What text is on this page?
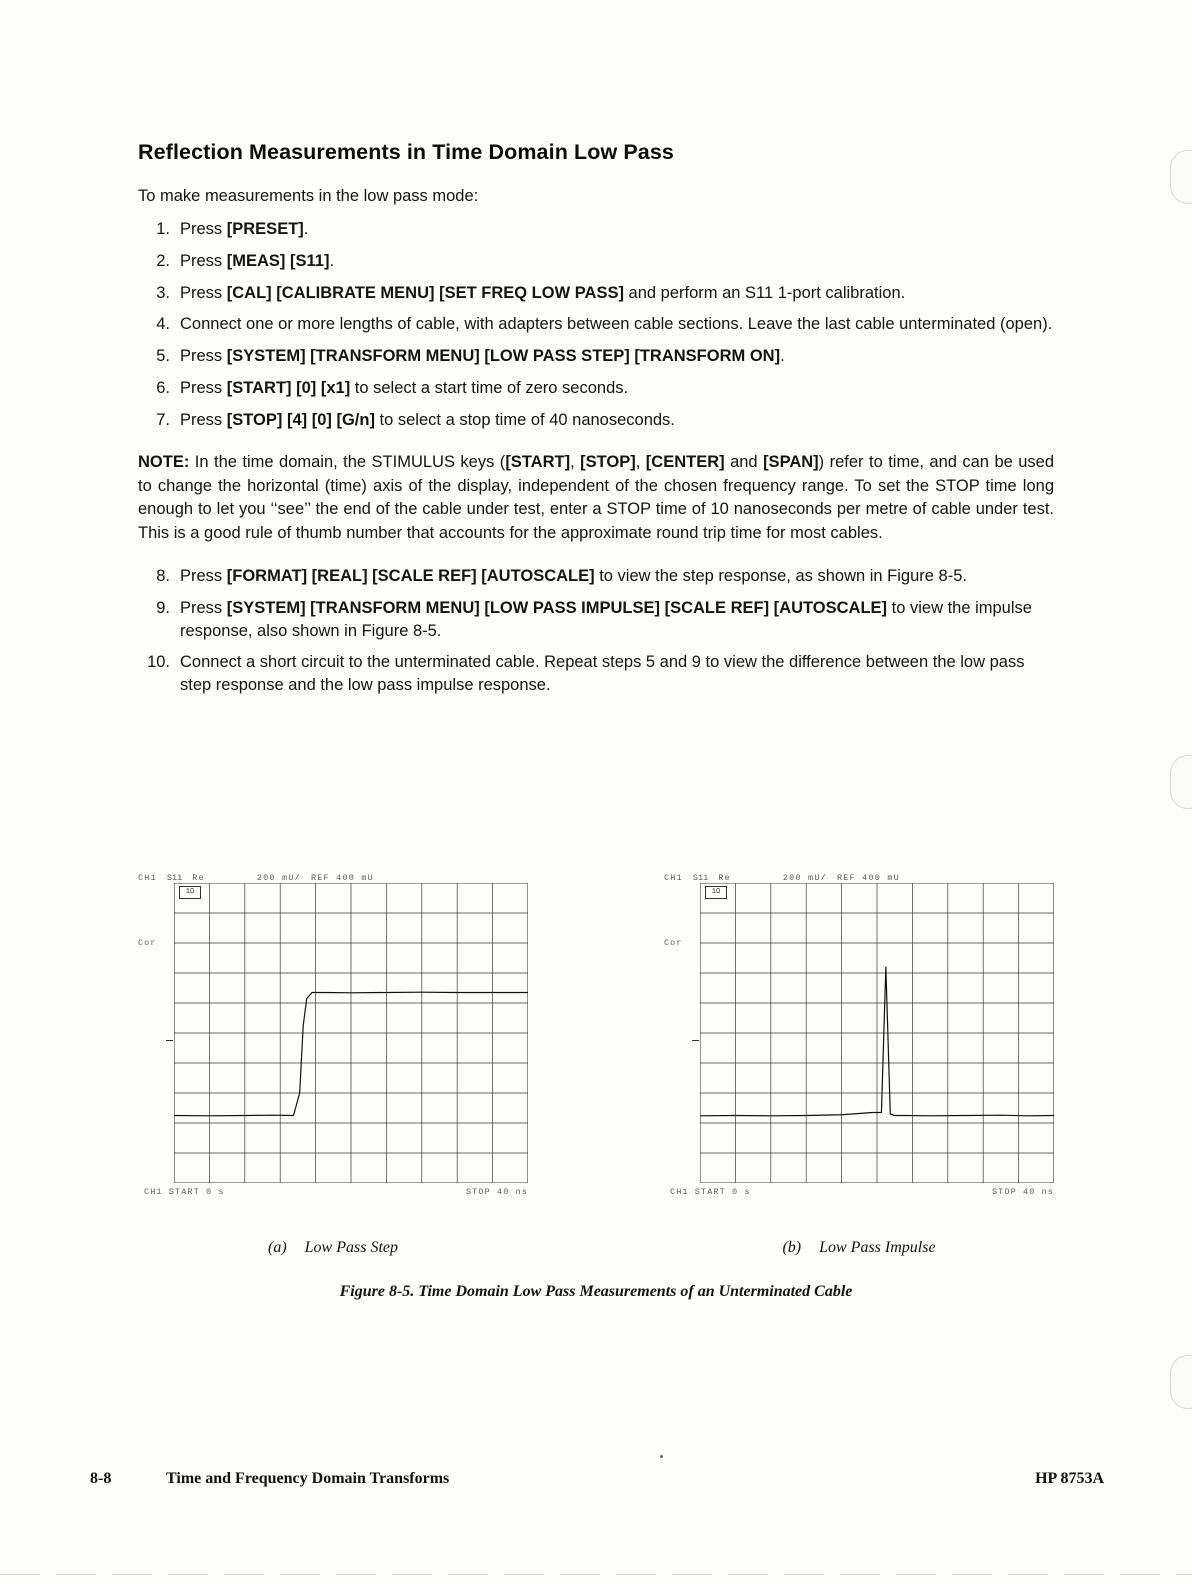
Reflection Measurements in Time Domain Low Pass

To make measurements in the low pass mode:

1. Press [PRESET].
2. Press [MEAS] [S11].
3. Press [CAL] [CALIBRATE MENU] [SET FREQ LOW PASS] and perform an S11 1-port calibration.
4. Connect one or more lengths of cable, with adapters between cable sections. Leave the last cable unterminated (open).
5. Press [SYSTEM] [TRANSFORM MENU] [LOW PASS STEP] [TRANSFORM ON].
6. Press [START] [0] [x1] to select a start time of zero seconds.
7. Press [STOP] [4] [0] [G/n] to select a stop time of 40 nanoseconds.

NOTE: In the time domain, the STIMULUS keys ([START], [STOP], [CENTER] and [SPAN]) refer to time, and can be used to change the horizontal (time) axis of the display, independent of the chosen frequency range. To set the STOP time long enough to let you ‘‘see’’ the end of the cable under test, enter a STOP time of 10 nanoseconds per metre of cable under test. This is a good rule of thumb number that accounts for the approximate round trip time for most cables.

8. Press [FORMAT] [REAL] [SCALE REF] [AUTOSCALE] to view the step response, as shown in Figure 8-5.
9. Press [SYSTEM] [TRANSFORM MENU] [LOW PASS IMPULSE] [SCALE REF] [AUTOSCALE] to view the impulse response, also shown in Figure 8-5.
10. Connect a short circuit to the unterminated cable. Repeat steps 5 and 9 to view the difference between the low pass step response and the low pass impulse response.
CH1 S11 Re	200 mU/ REF 400 mU
Cor
1Ω
CH1 START 0 s	STOP 40 ns
CH1 S11 Re	200 mU/ REF 400 mU
Cor
1Ω
CH1 START 0 s	STOP 40 ns
(a) Low Pass Step	(b) Low Pass Impulse
Figure 8-5. Time Domain Low Pass Measurements of an Unterminated Cable
8-8	Time and Frequency Domain Transforms	HP 8753A
